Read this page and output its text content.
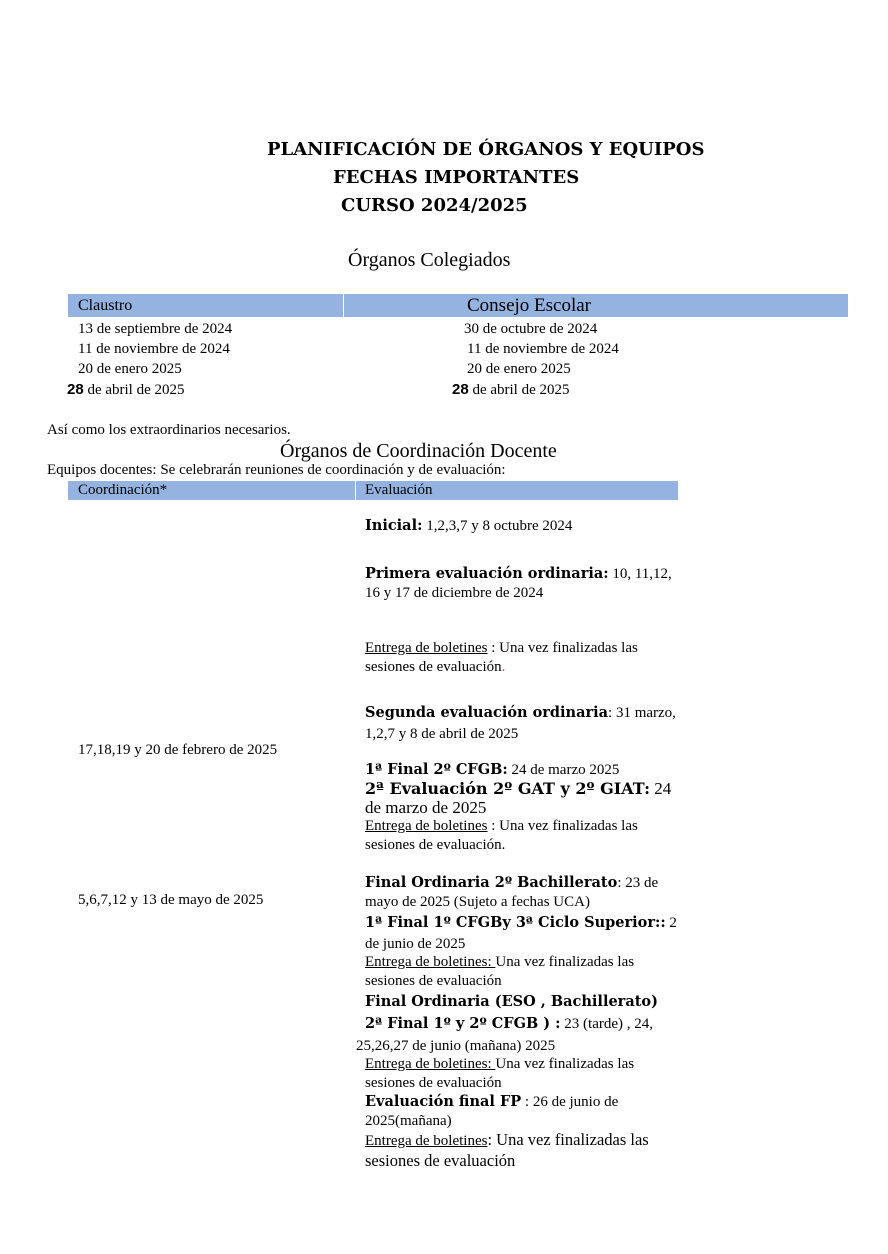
PLANIFICACIÓN DE ÓRGANOS Y EQUIPOS
FECHAS IMPORTANTES
CURSO 2024/2025
Órganos Colegiados
Claustro	Consejo Escolar
13 de septiembre de 2024
11 de noviembre de 2024
20 de enero 2025
28 de abril de 2025
30 de octubre de 2024
11 de noviembre de 2024
20 de enero 2025
28 de abril de 2025
Así como los extraordinarios necesarios.
Órganos de Coordinación Docente
Equipos docentes: Se celebrarán reuniones de coordinación y de evaluación:
Coordinación*	Evaluación
17,18,19 y 20 de febrero de 2025
5,6,7,12 y 13 de mayo de 2025
Inicial: 1,2,3,7 y 8 octubre 2024
Primera evaluación ordinaria: 10, 11,12, 16 y 17 de diciembre de 2024
Entrega de boletines : Una vez finalizadas las sesiones de evaluación.
Segunda evaluación ordinaria: 31 marzo, 1,2,7 y 8 de abril de 2025
1ª Final 2º CFGB: 24 de marzo 2025
2ª Evaluación 2º GAT y 2º GIAT: 24 de marzo de 2025
Entrega de boletines : Una vez finalizadas las sesiones de evaluación.
Final Ordinaria 2º Bachillerato: 23 de mayo de 2025 (Sujeto a fechas UCA)
1ª Final 1º CFGBy 3ª Ciclo Superior:: 2 de junio de 2025
Entrega de boletines: Una vez finalizadas las sesiones de evaluación
Final Ordinaria (ESO , Bachillerato)
2ª Final 1º y 2º CFGB ) : 23 (tarde) , 24,
25,26,27 de junio (mañana) 2025
Entrega de boletines: Una vez finalizadas las sesiones de evaluación
Evaluación final FP : 26 de junio de 2025(mañana)
Entrega de boletines: Una vez finalizadas las sesiones de evaluación
